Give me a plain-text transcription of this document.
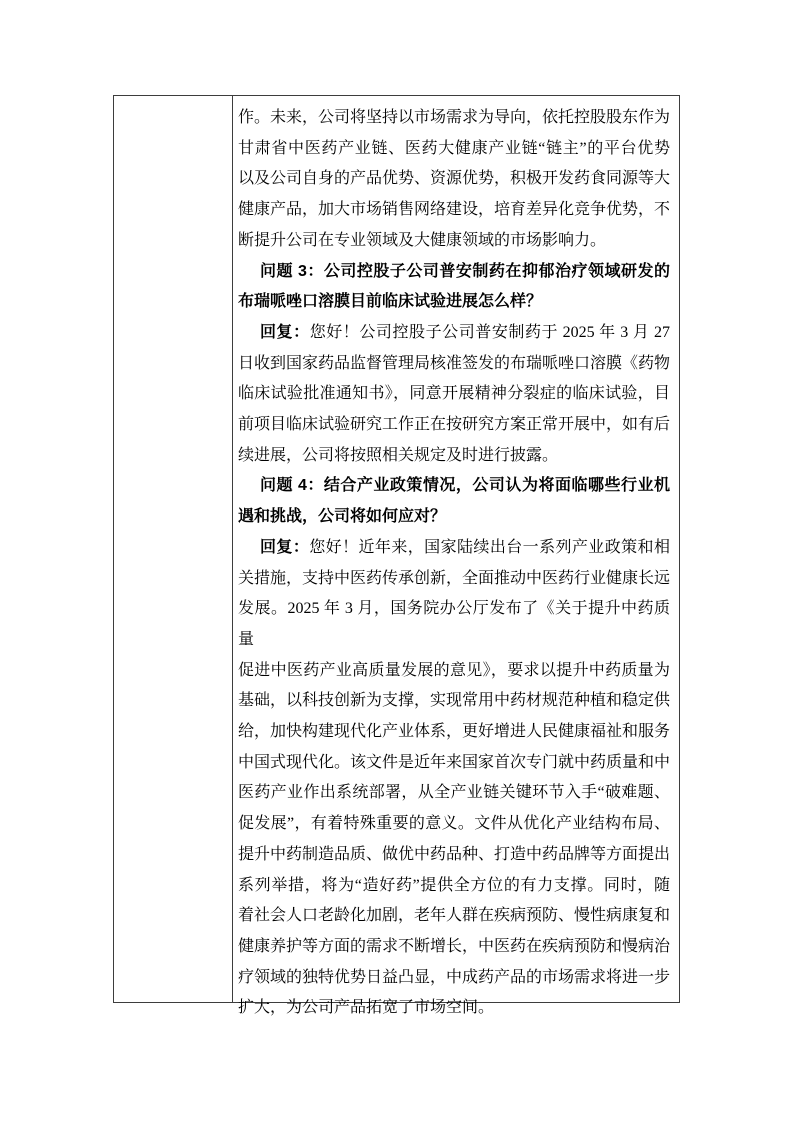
作。未来，公司将坚持以市场需求为导向，依托控股股东作为
甘肃省中医药产业链、医药大健康产业链“链主”的平台优势
以及公司自身的产品优势、资源优势，积极开发药食同源等大
健康产品，加大市场销售网络建设，培育差异化竞争优势，不
断提升公司在专业领域及大健康领域的市场影响力。
问题 3：公司控股子公司普安制药在抑郁治疗领域研发的
布瑞哌唑口溶膜目前临床试验进展怎么样？
回复：您好！公司控股子公司普安制药于 2025 年 3 月 27
日收到国家药品监督管理局核准签发的布瑞哌唑口溶膜《药物
临床试验批准通知书》，同意开展精神分裂症的临床试验，目
前项目临床试验研究工作正在按研究方案正常开展中，如有后
续进展，公司将按照相关规定及时进行披露。
问题 4：结合产业政策情况，公司认为将面临哪些行业机
遇和挑战，公司将如何应对？
回复：您好！近年来，国家陆续出台一系列产业政策和相
关措施，支持中医药传承创新，全面推动中医药行业健康长远
发展。2025 年 3 月，国务院办公厅发布了《关于提升中药质量
促进中医药产业高质量发展的意见》，要求以提升中药质量为
基础，以科技创新为支撑，实现常用中药材规范种植和稳定供
给，加快构建现代化产业体系，更好增进人民健康福祉和服务
中国式现代化。该文件是近年来国家首次专门就中药质量和中
医药产业作出系统部署，从全产业链关键环节入手“破难题、
促发展”，有着特殊重要的意义。文件从优化产业结构布局、
提升中药制造品质、做优中药品种、打造中药品牌等方面提出
系列举措，将为“造好药”提供全方位的有力支撑。同时，随
着社会人口老龄化加剧，老年人群在疾病预防、慢性病康复和
健康养护等方面的需求不断增长，中医药在疾病预防和慢病治
疗领域的独特优势日益凸显，中成药产品的市场需求将进一步
扩大，为公司产品拓宽了市场空间。
